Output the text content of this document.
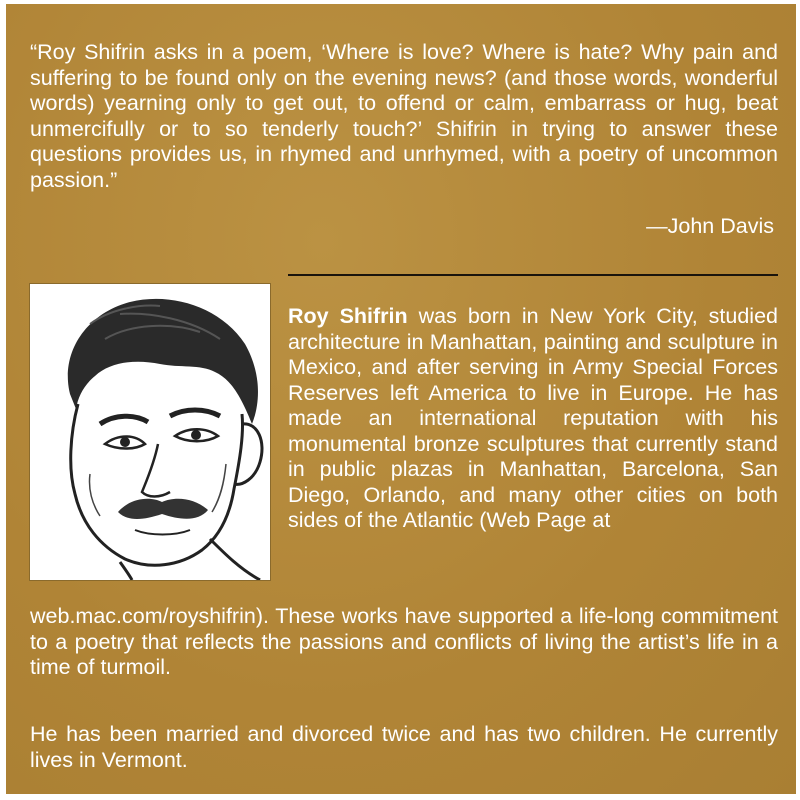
“Roy Shifrin asks in a poem, ‘Where is love? Where is hate? Why pain and suffering to be found only on the evening news? (and those words, wonderful words) yearning only to get out, to offend or calm, embarrass or hug, beat unmercifully or to so tenderly touch?’ Shifrin in trying to answer these questions provides us, in rhymed and unrhymed, with a poetry of uncommon passion.”

—John Davis

Roy Shifrin was born in New York City, studied architecture in Manhattan, painting and sculpture in Mexico, and after serving in Army Special Forces Reserves left America to live in Europe. He has made an international reputation with his monumental bronze sculptures that currently stand in public plazas in Manhattan, Barcelona, San Diego, Orlando, and many other cities on both sides of the Atlantic (Web Page at

web.mac.com/royshifrin). These works have supported a life-long commitment to a poetry that reflects the passions and conflicts of living the artist’s life in a time of turmoil.

He has been married and divorced twice and has two children. He currently lives in Vermont.
